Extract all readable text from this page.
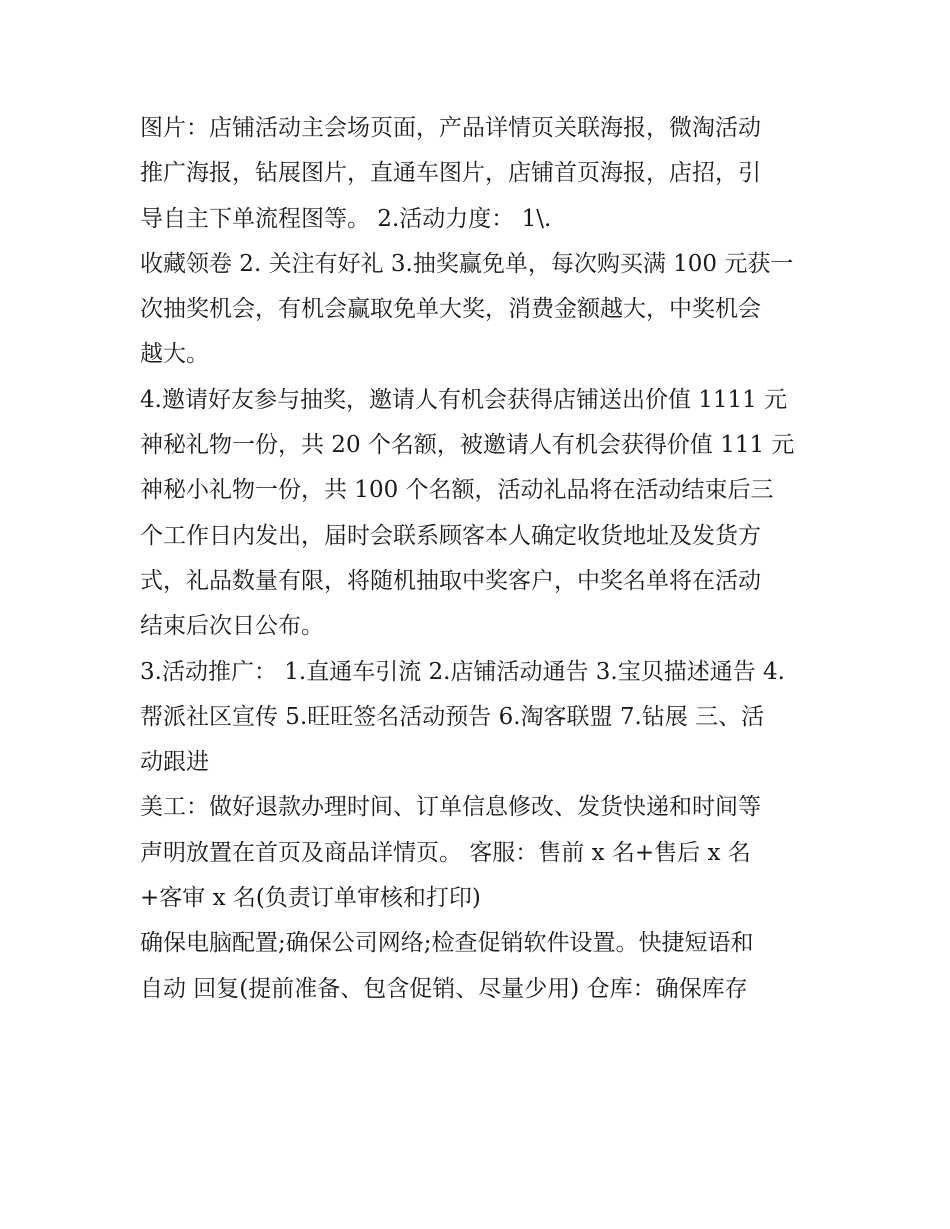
图片：店铺活动主会场页面，产品详情页关联海报，微淘活动
推广海报，钻展图片，直通车图片，店铺首页海报，店招，引
导自主下单流程图等。 2.活动力度： 1\.
收藏领卷 2. 关注有好礼 3.抽奖赢免单，每次购买满 100 元获一
次抽奖机会，有机会赢取免单大奖，消费金额越大，中奖机会
越大。
4.邀请好友参与抽奖，邀请人有机会获得店铺送出价值 1111 元
神秘礼物一份，共 20 个名额，被邀请人有机会获得价值 111 元
神秘小礼物一份，共 100 个名额，活动礼品将在活动结束后三
个工作日内发出，届时会联系顾客本人确定收货地址及发货方
式，礼品数量有限，将随机抽取中奖客户，中奖名单将在活动
结束后次日公布。
3.活动推广： 1.直通车引流 2.店铺活动通告 3.宝贝描述通告 4.
帮派社区宣传 5.旺旺签名活动预告 6.淘客联盟 7.钻展 三、活
动跟进
美工：做好退款办理时间、订单信息修改、发货快递和时间等
声明放置在首页及商品详情页。 客服：售前 x 名+售后 x 名
+客审 x 名(负责订单审核和打印)
确保电脑配置;确保公司网络;检查促销软件设置。快捷短语和
自动 回复(提前准备、包含促销、尽量少用) 仓库：确保库存
